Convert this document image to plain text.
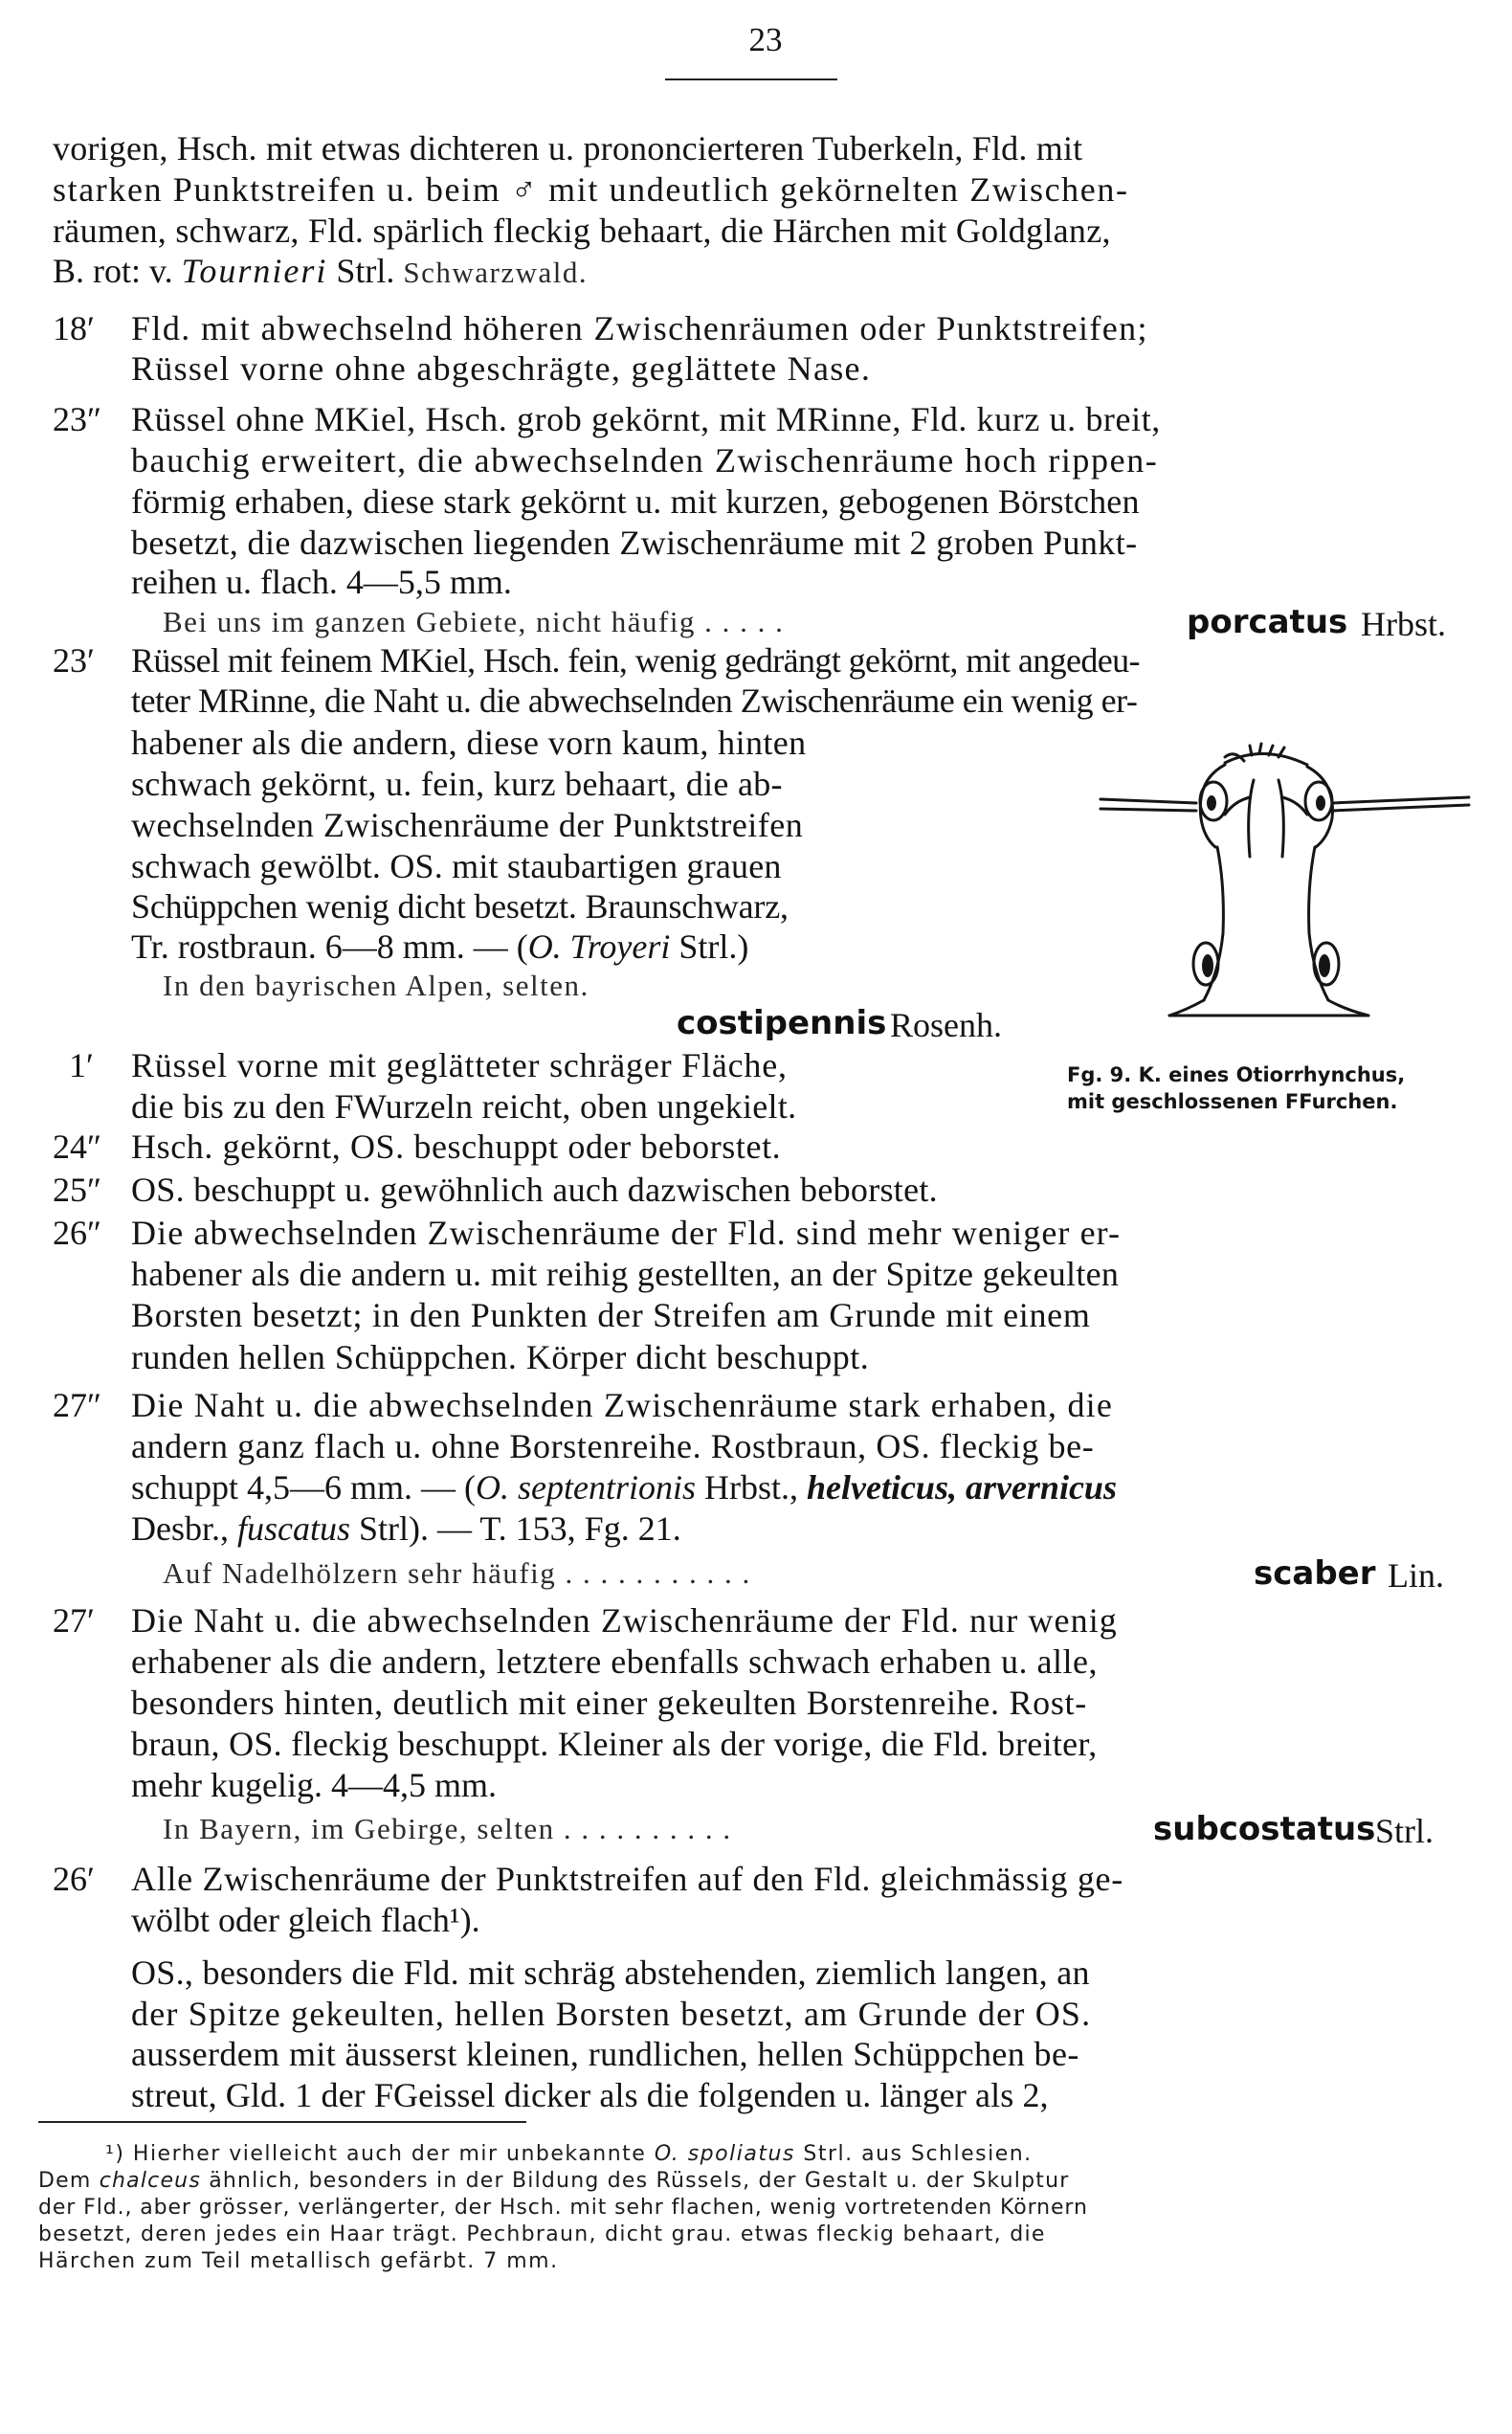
23
vorigen, Hsch. mit etwas dichteren u. prononcierteren Tuberkeln, Fld. mit
starken Punktstreifen u. beim ♂ mit undeutlich gekörnelten Zwischen-
räumen, schwarz, Fld. spärlich fleckig behaart, die Härchen mit Goldglanz,
B. rot: v. Tournieri Strl. Schwarzwald.
18′ Fld. mit abwechselnd höheren Zwischenräumen oder Punktstreifen;
Rüssel vorne ohne abgeschrägte, geglättete Nase.
23″ Rüssel ohne MKiel, Hsch. grob gekörnt, mit MRinne, Fld. kurz u. breit,
bauchig erweitert, die abwechselnden Zwischenräume hoch rippen-
förmig erhaben, diese stark gekörnt u. mit kurzen, gebogenen Börstchen
besetzt, die dazwischen liegenden Zwischenräume mit 2 groben Punkt-
reihen u. flach. 4—5,5 mm.
Bei uns im ganzen Gebiete, nicht häufig . . . . .	porcatus Hrbst.
23′ Rüssel mit feinem MKiel, Hsch. fein, wenig gedrängt gekörnt, mit angedeu-
teter MRinne, die Naht u. die abwechselnden Zwischenräume ein wenig er-
habener als die andern, diese vorn kaum, hinten
schwach gekörnt, u. fein, kurz behaart, die ab-
wechselnden Zwischenräume der Punktstreifen
schwach gewölbt. OS. mit staubartigen grauen
Schüppchen wenig dicht besetzt. Braunschwarz,
Tr. rostbraun. 6—8 mm. — (O. Troyeri Strl.)
In den bayrischen Alpen, selten.
costipennis Rosenh.
1′ Rüssel vorne mit geglätteter schräger Fläche,
die bis zu den FWurzeln reicht, oben ungekielt.
Fg. 9. K. eines Otiorrhynchus,
mit geschlossenen FFurchen.
24″ Hsch. gekörnt, OS. beschuppt oder beborstet.
25″ OS. beschuppt u. gewöhnlich auch dazwischen beborstet.
26″ Die abwechselnden Zwischenräume der Fld. sind mehr weniger er-
habener als die andern u. mit reihig gestellten, an der Spitze gekeulten
Borsten besetzt; in den Punkten der Streifen am Grunde mit einem
runden hellen Schüppchen. Körper dicht beschuppt.
27″ Die Naht u. die abwechselnden Zwischenräume stark erhaben, die
andern ganz flach u. ohne Borstenreihe. Rostbraun, OS. fleckig be-
schuppt 4,5—6 mm. — (O. septentrionis Hrbst., helveticus, arvernicus
Desbr., fuscatus Strl). — T. 153, Fg. 21.
Auf Nadelhölzern sehr häufig . . . . . . . . . . .	scaber Lin.
27′ Die Naht u. die abwechselnden Zwischenräume der Fld. nur wenig
erhabener als die andern, letztere ebenfalls schwach erhaben u. alle,
besonders hinten, deutlich mit einer gekeulten Borstenreihe. Rost-
braun, OS. fleckig beschuppt. Kleiner als der vorige, die Fld. breiter,
mehr kugelig. 4—4,5 mm.
In Bayern, im Gebirge, selten . . . . . . . . . .	subcostatus Strl.
26′ Alle Zwischenräume der Punktstreifen auf den Fld. gleichmässig ge-
wölbt oder gleich flach¹).
OS., besonders die Fld. mit schräg abstehenden, ziemlich langen, an
der Spitze gekeulten, hellen Borsten besetzt, am Grunde der OS.
ausserdem mit äusserst kleinen, rundlichen, hellen Schüppchen be-
streut, Gld. 1 der FGeissel dicker als die folgenden u. länger als 2,
¹) Hierher vielleicht auch der mir unbekannte O. spoliatus Strl. aus Schlesien.
Dem chalceus ähnlich, besonders in der Bildung des Rüssels, der Gestalt u. der Skulptur
der Fld., aber grösser, verlängerter, der Hsch. mit sehr flachen, wenig vortretenden Körnern
besetzt, deren jedes ein Haar trägt. Pechbraun, dicht grau. etwas fleckig behaart, die
Härchen zum Teil metallisch gefärbt. 7 mm.
